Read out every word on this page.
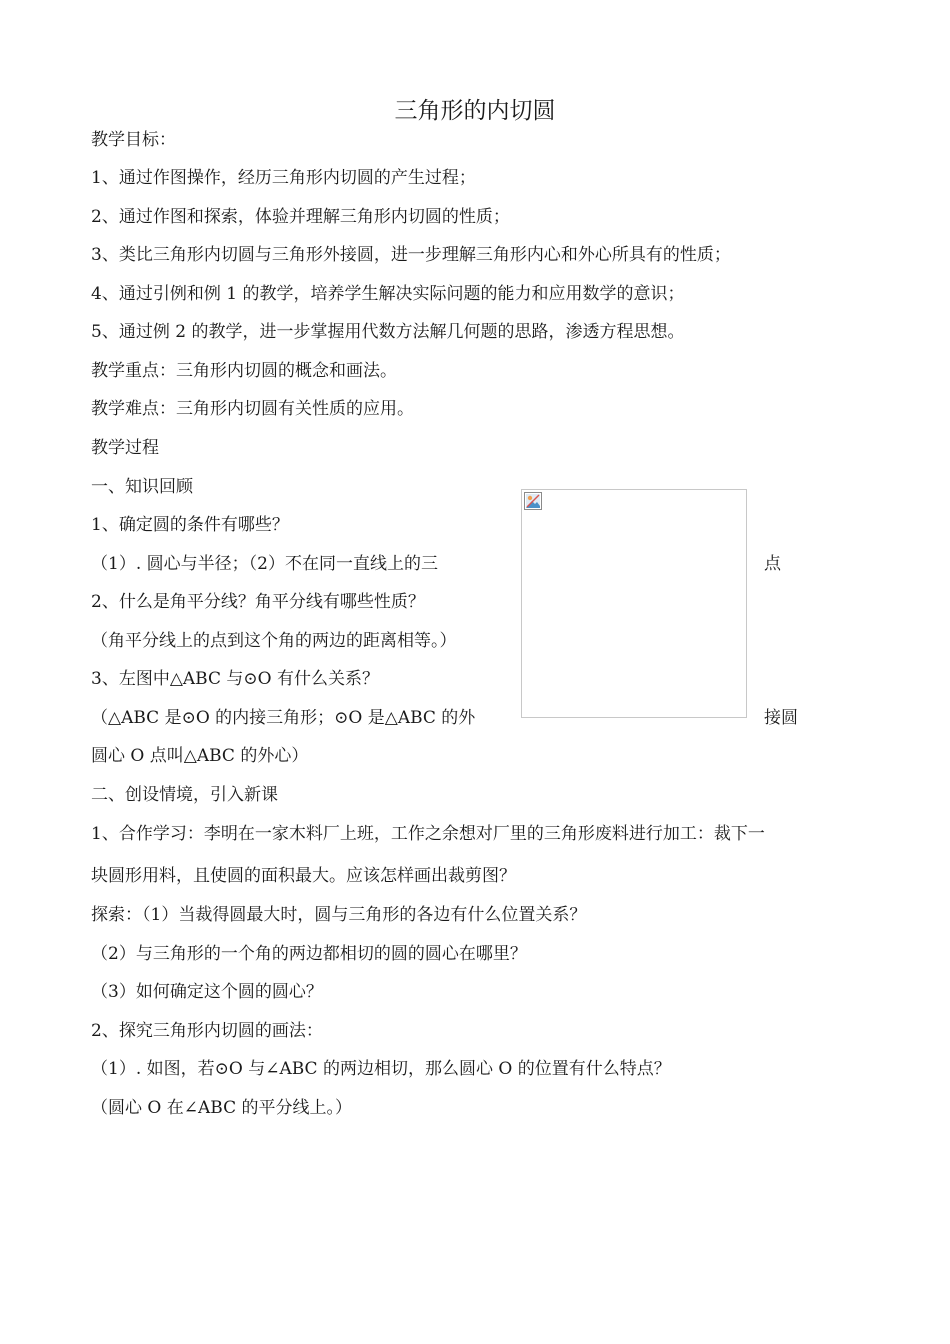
三角形的内切圆
教学目标：
1、通过作图操作，经历三角形内切圆的产生过程；
2、通过作图和探索，体验并理解三角形内切圆的性质；
3、类比三角形内切圆与三角形外接圆，进一步理解三角形内心和外心所具有的性质；
4、通过引例和例 1 的教学，培养学生解决实际问题的能力和应用数学的意识；
5、通过例 2 的教学，进一步掌握用代数方法解几何题的思路，渗透方程思想。
教学重点：三角形内切圆的概念和画法。
教学难点：三角形内切圆有关性质的应用。
教学过程
一、知识回顾
1、确定圆的条件有哪些？
（1）. 圆心与半径；（2）不在同一直线上的三	点
2、什么是角平分线？角平分线有哪些性质？
（角平分线上的点到这个角的两边的距离相等。）
3、左图中△ABC 与⊙O 有什么关系？
（△ABC 是⊙O 的内接三角形；⊙O 是△ABC 的外	接圆
圆心 O 点叫△ABC 的外心）
二、创设情境，引入新课
1、合作学习：李明在一家木料厂上班，工作之余想对厂里的三角形废料进行加工：裁下一
块圆形用料，且使圆的面积最大。应该怎样画出裁剪图？
探索：（1）当裁得圆最大时，圆与三角形的各边有什么位置关系？
（2）与三角形的一个角的两边都相切的圆的圆心在哪里？
（3）如何确定这个圆的圆心？
2、探究三角形内切圆的画法：
（1）. 如图，若⊙O 与∠ABC 的两边相切，那么圆心 O 的位置有什么特点？
（圆心 O 在∠ABC 的平分线上。）
